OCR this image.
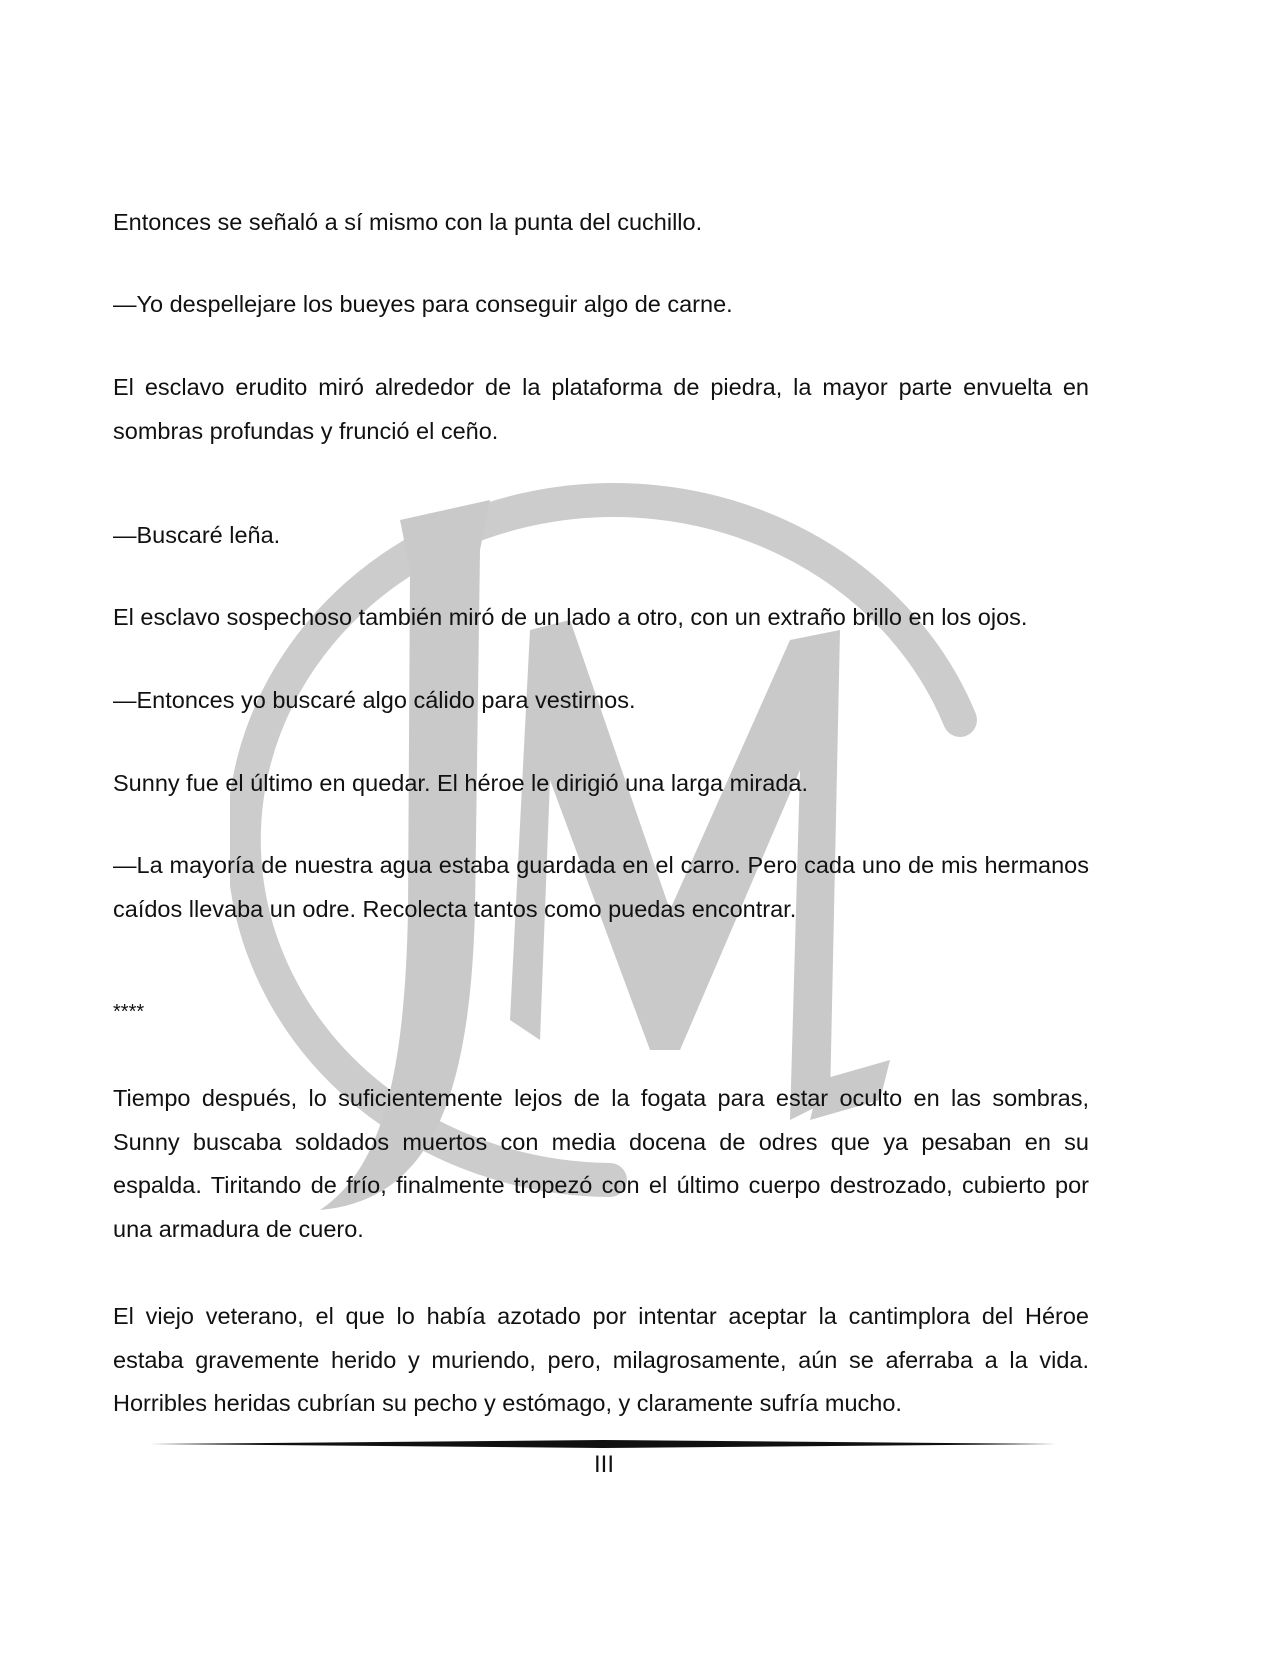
Entonces se señaló a sí mismo con la punta del cuchillo.

—Yo despellejare los bueyes para conseguir algo de carne.

El esclavo erudito miró alrededor de la plataforma de piedra, la mayor parte envuelta en sombras profundas y frunció el ceño.

—Buscaré leña.

El esclavo sospechoso también miró de un lado a otro, con un extraño brillo en los ojos.

—Entonces yo buscaré algo cálido para vestirnos.

Sunny fue el último en quedar. El héroe le dirigió una larga mirada.

—La mayoría de nuestra agua estaba guardada en el carro. Pero cada uno de mis hermanos caídos llevaba un odre. Recolecta tantos como puedas encontrar.

****

Tiempo después, lo suficientemente lejos de la fogata para estar oculto en las sombras, Sunny buscaba soldados muertos con media docena de odres que ya pesaban en su espalda. Tiritando de frío, finalmente tropezó con el último cuerpo destrozado, cubierto por una armadura de cuero.

El viejo veterano, el que lo había azotado por intentar aceptar la cantimplora del Héroe estaba gravemente herido y muriendo, pero, milagrosamente, aún se aferraba a la vida. Horribles heridas cubrían su pecho y estómago, y claramente sufría mucho.

III
